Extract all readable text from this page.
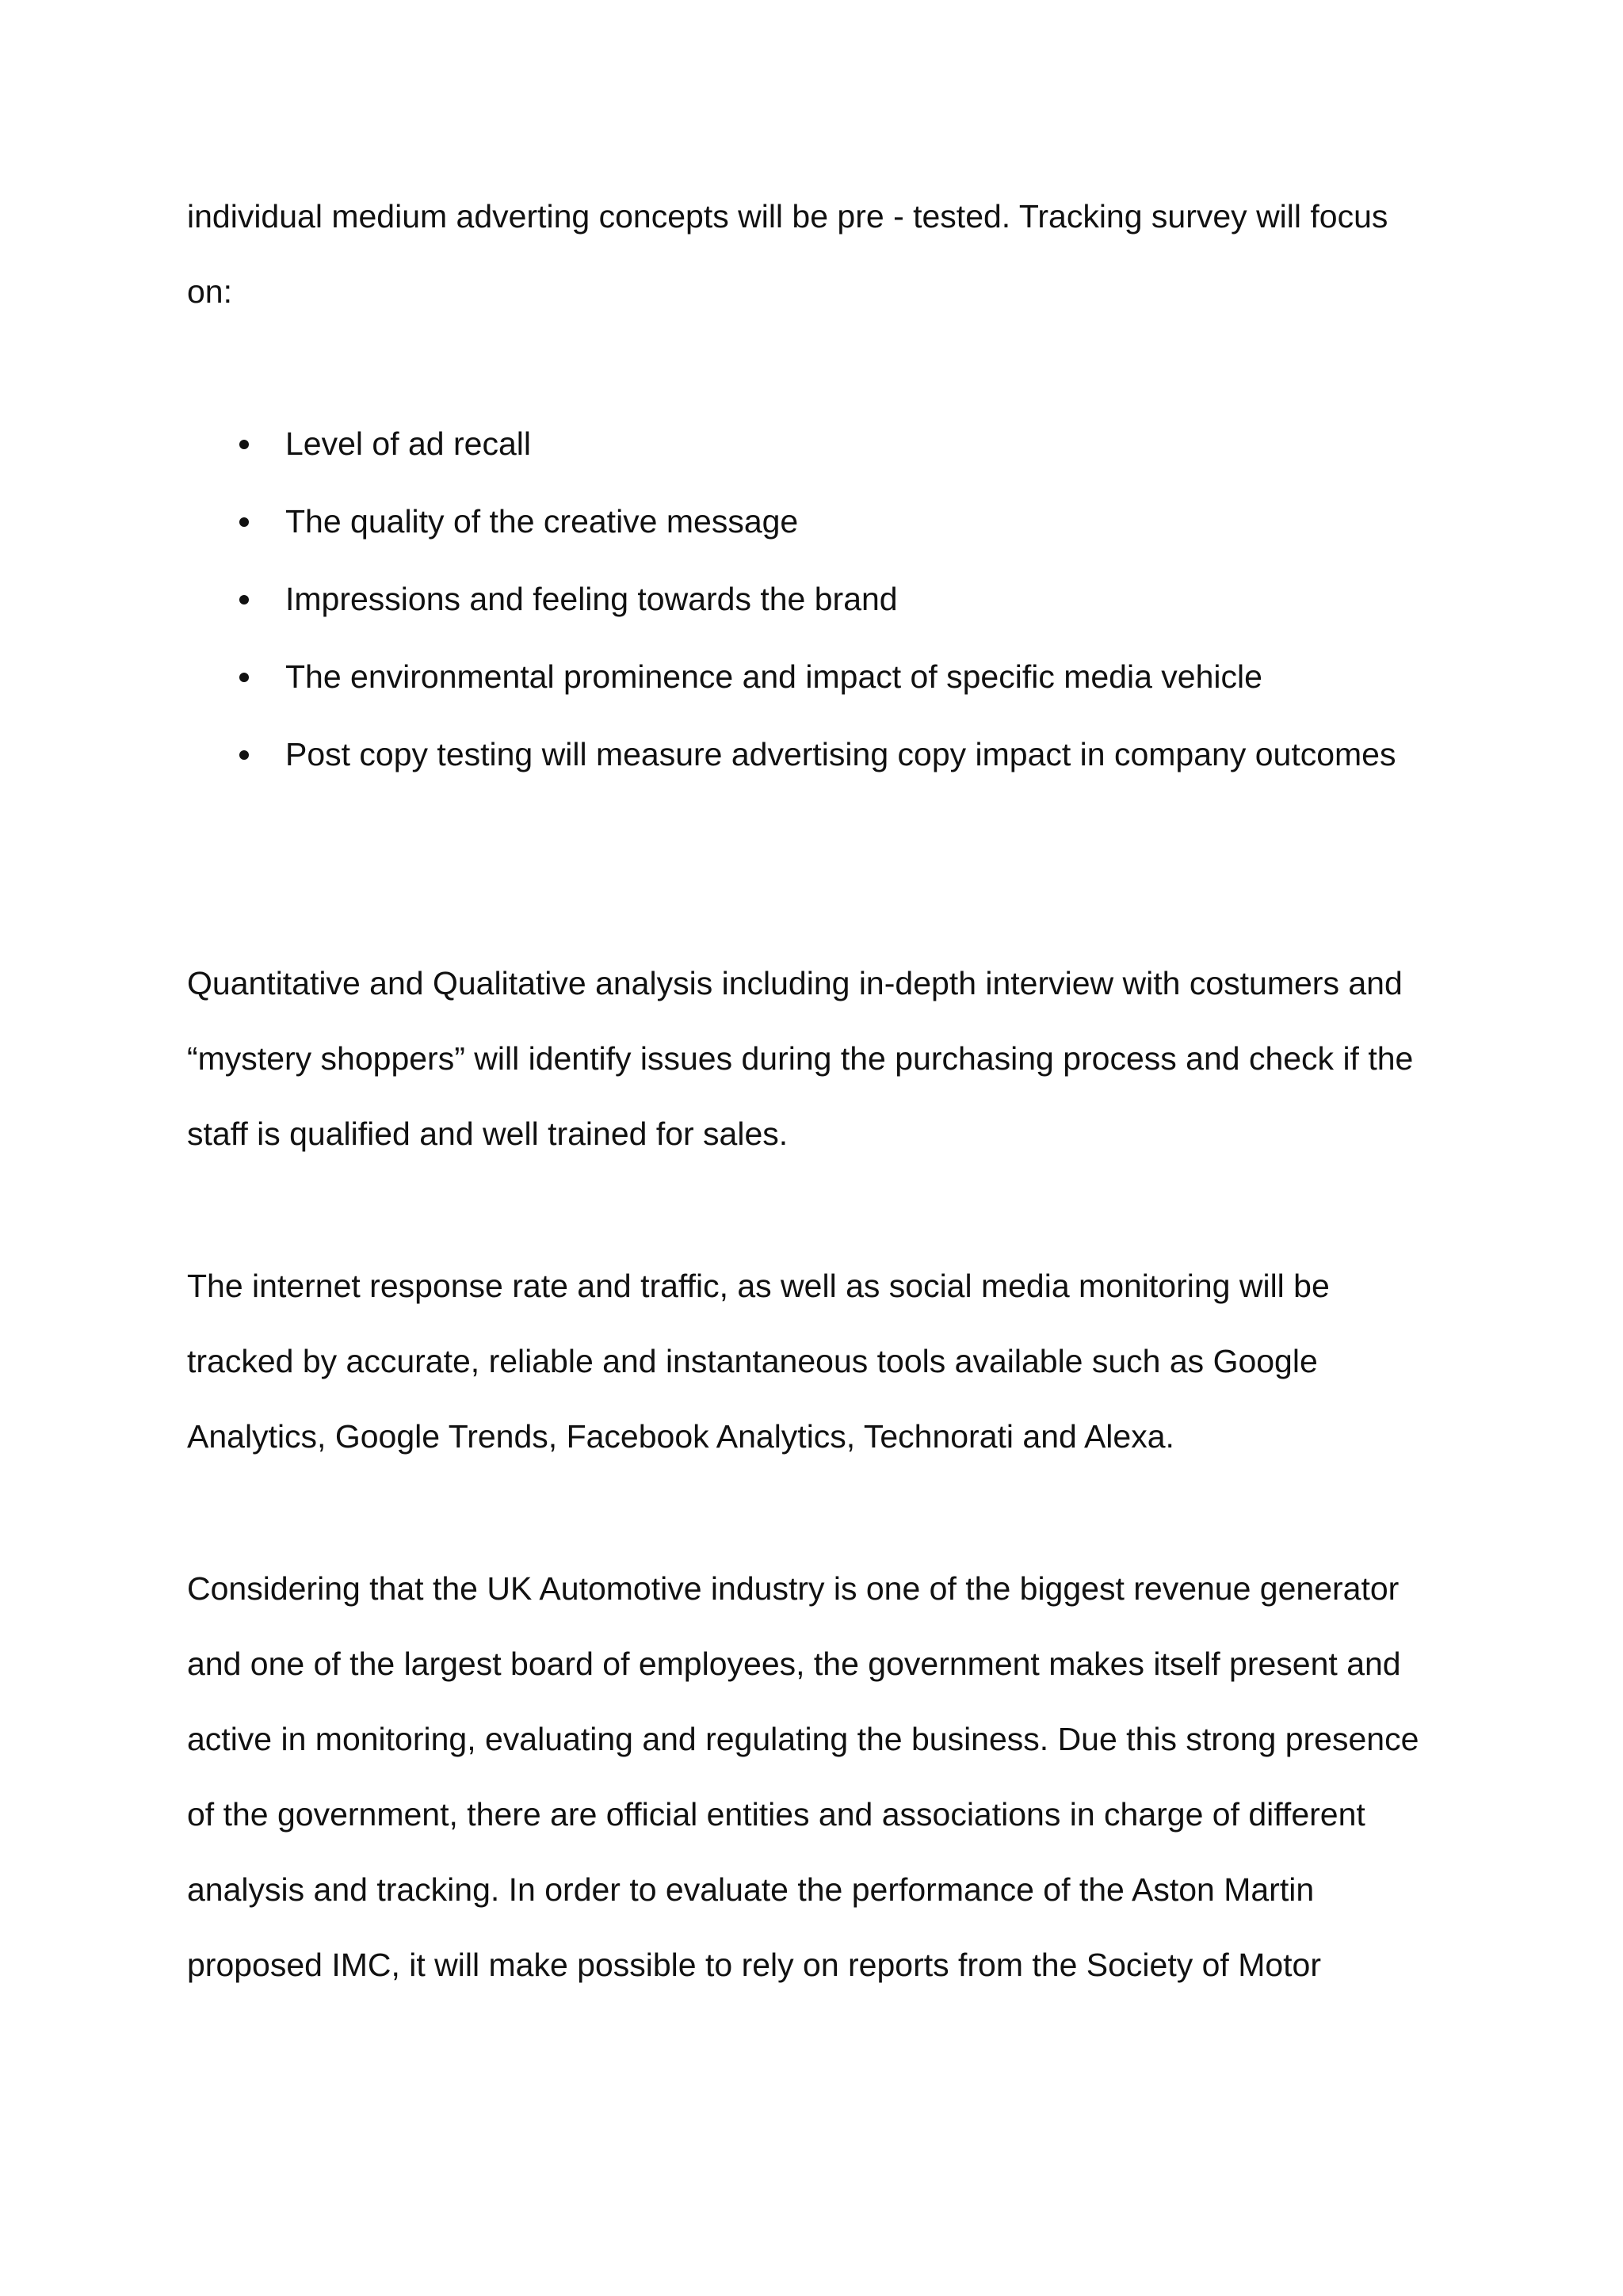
individual medium adverting concepts will be pre - tested. Tracking survey will focus
on:

Level of ad recall
The quality of the creative message
Impressions and feeling towards the brand
The environmental prominence and impact of specific media vehicle
Post copy testing will measure advertising copy impact in company outcomes

Quantitative and Qualitative analysis including in-depth interview with costumers and
“mystery shoppers” will identify issues during the purchasing process and check if the
staff is qualified and well trained for sales.

The internet response rate and traffic, as well as social media monitoring will be
tracked by accurate, reliable and instantaneous tools available such as Google
Analytics, Google Trends, Facebook Analytics, Technorati and Alexa.

Considering that the UK Automotive industry is one of the biggest revenue generator
and one of the largest board of employees, the government makes itself present and
active in monitoring, evaluating and regulating the business. Due this strong presence
of the government, there are official entities and associations in charge of different
analysis and tracking. In order to evaluate the performance of the Aston Martin
proposed IMC, it will make possible to rely on reports from the Society of Motor
